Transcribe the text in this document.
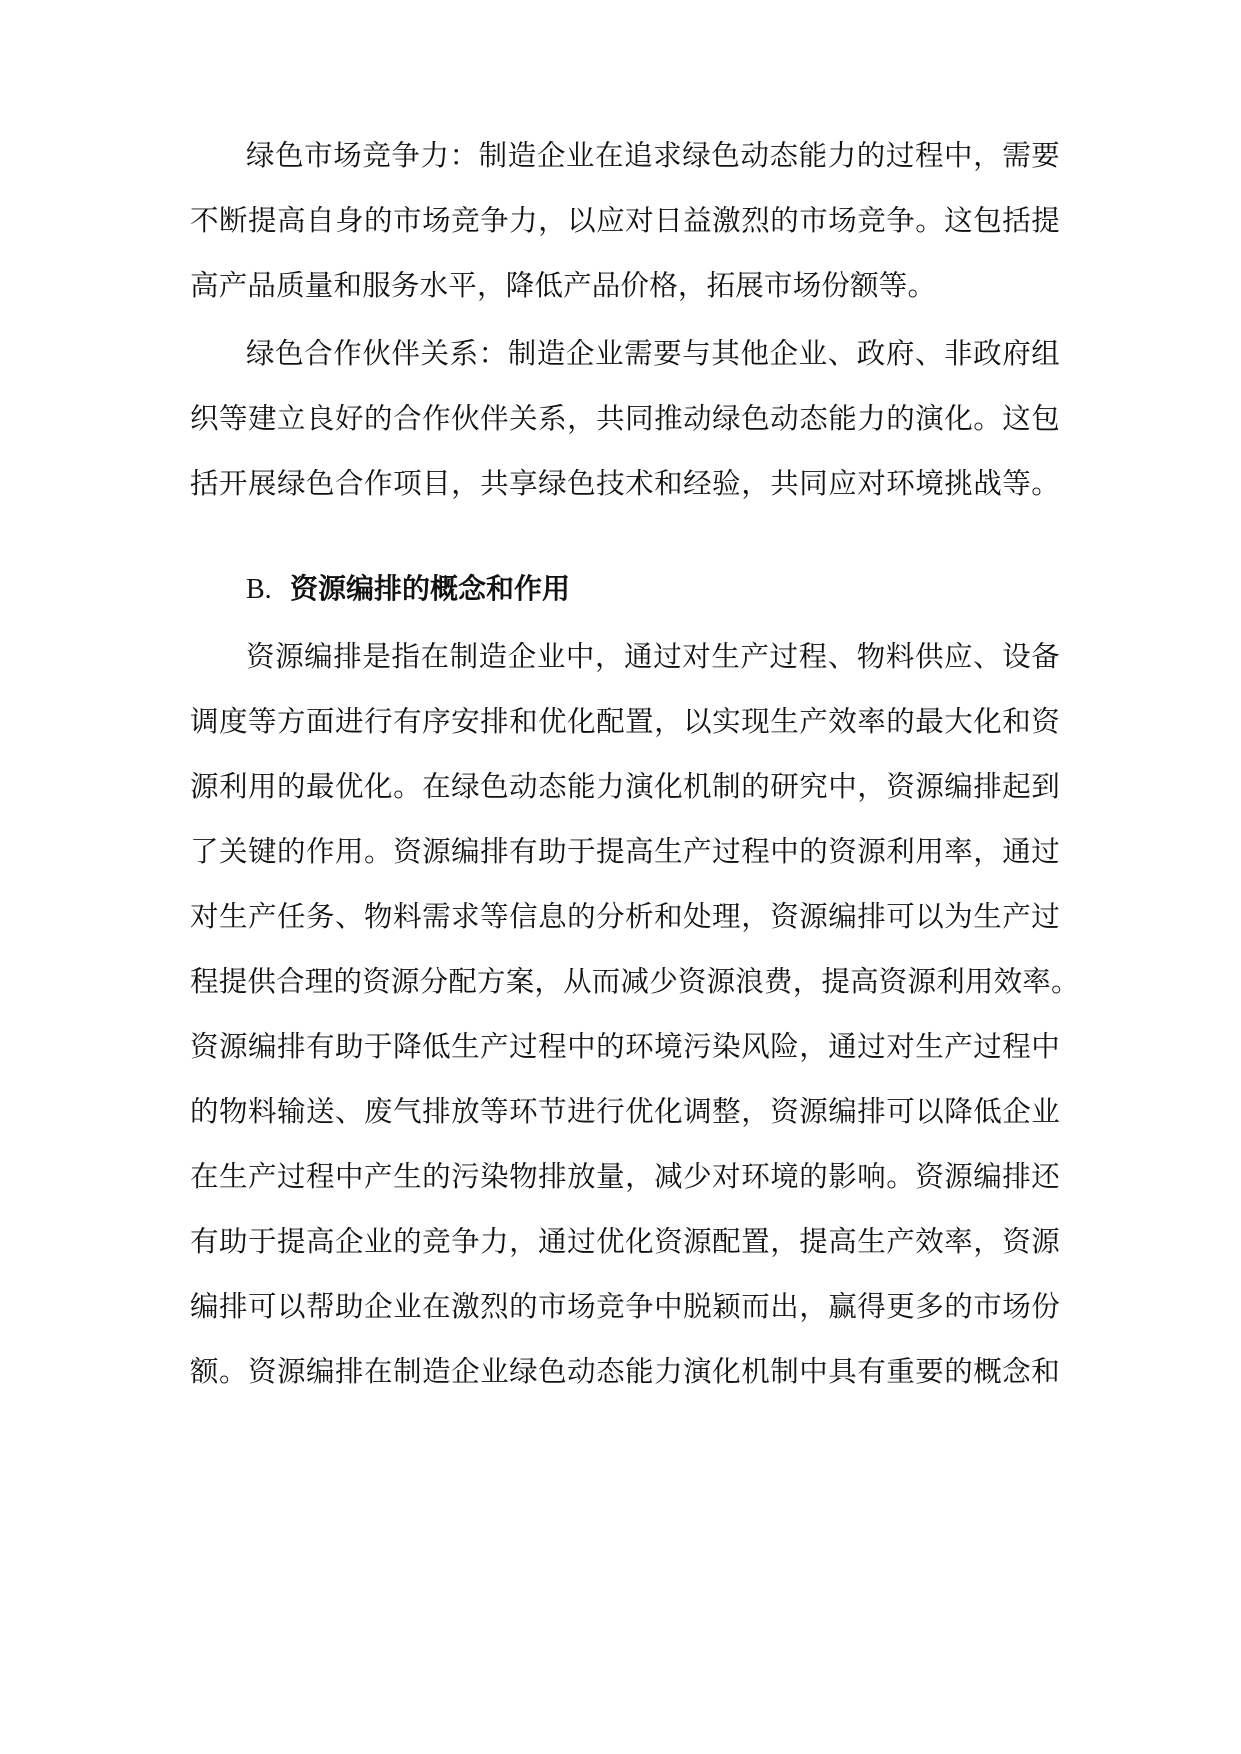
绿色市场竞争力：制造企业在追求绿色动态能力的过程中，需要
不断提高自身的市场竞争力，以应对日益激烈的市场竞争。这包括提
高产品质量和服务水平，降低产品价格，拓展市场份额等。
绿色合作伙伴关系：制造企业需要与其他企业、政府、非政府组
织等建立良好的合作伙伴关系，共同推动绿色动态能力的演化。这包
括开展绿色合作项目，共享绿色技术和经验，共同应对环境挑战等。
B. 资源编排的概念和作用
资源编排是指在制造企业中，通过对生产过程、物料供应、设备
调度等方面进行有序安排和优化配置，以实现生产效率的最大化和资
源利用的最优化。在绿色动态能力演化机制的研究中，资源编排起到
了关键的作用。资源编排有助于提高生产过程中的资源利用率，通过
对生产任务、物料需求等信息的分析和处理，资源编排可以为生产过
程提供合理的资源分配方案，从而减少资源浪费，提高资源利用效率。
资源编排有助于降低生产过程中的环境污染风险，通过对生产过程中
的物料输送、废气排放等环节进行优化调整，资源编排可以降低企业
在生产过程中产生的污染物排放量，减少对环境的影响。资源编排还
有助于提高企业的竞争力，通过优化资源配置，提高生产效率，资源
编排可以帮助企业在激烈的市场竞争中脱颖而出，赢得更多的市场份
额。资源编排在制造企业绿色动态能力演化机制中具有重要的概念和
